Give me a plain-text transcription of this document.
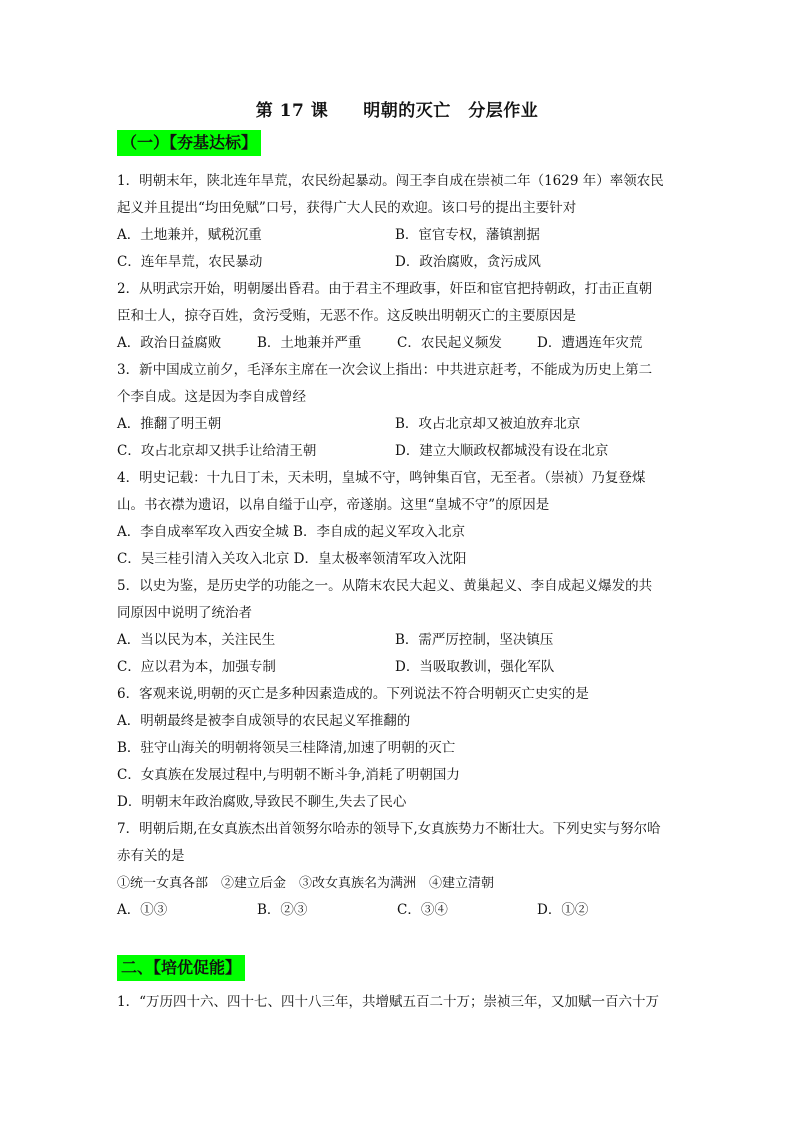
第 17 课　　明朝的灭亡　分层作业
（一）【夯基达标】
1．明朝末年，陕北连年旱荒，农民纷起暴动。闯王李自成在崇祯二年（1629 年）率领农民
起义并且提出“均田免赋”口号，获得广大人民的欢迎。该口号的提出主要针对
A．土地兼并，赋税沉重	B．宦官专权，藩镇割据
C．连年旱荒，农民暴动	D．政治腐败，贪污成风
2．从明武宗开始，明朝屡出昏君。由于君主不理政事，奸臣和宦官把持朝政，打击正直朝
臣和士人，掠夺百姓，贪污受贿，无恶不作。这反映出明朝灭亡的主要原因是
A．政治日益腐败	B．土地兼并严重	C．农民起义频发	D．遭遇连年灾荒
3．新中国成立前夕，毛泽东主席在一次会议上指出：中共进京赶考，不能成为历史上第二
个李自成。这是因为李自成曾经
A．推翻了明王朝	B．攻占北京却又被迫放弃北京
C．攻占北京却又拱手让给清王朝	D．建立大顺政权都城没有设在北京
4．明史记载：十九日丁未，天未明，皇城不守，鸣钟集百官，无至者。（崇祯）乃复登煤
山。书衣襟为遗诏，以帛自缢于山亭，帝遂崩。这里“皇城不守”的原因是
A．李自成率军攻入西安全城 B．李自成的起义军攻入北京
C．吴三桂引清入关攻入北京 D．皇太极率领清军攻入沈阳
5．以史为鉴，是历史学的功能之一。从隋末农民大起义、黄巢起义、李自成起义爆发的共
同原因中说明了统治者
A．当以民为本，关注民生	B．需严厉控制，坚决镇压
C．应以君为本，加强专制	D．当吸取教训，强化军队
6．客观来说,明朝的灭亡是多种因素造成的。下列说法不符合明朝灭亡史实的是
A．明朝最终是被李自成领导的农民起义军推翻的
B．驻守山海关的明朝将领吴三桂降清,加速了明朝的灭亡
C．女真族在发展过程中,与明朝不断斗争,消耗了明朝国力
D．明朝末年政治腐败,导致民不聊生,失去了民心
7．明朝后期,在女真族杰出首领努尔哈赤的领导下,女真族势力不断壮大。下列史实与努尔哈
赤有关的是
①统一女真各部　②建立后金　③改女真族名为满洲　④建立清朝
A．①③	B．②③	C．③④	D．①②
二、【培优促能】
1．“万历四十六、四十七、四十八三年，共增赋五百二十万；崇祯三年，又加赋一百六十万
